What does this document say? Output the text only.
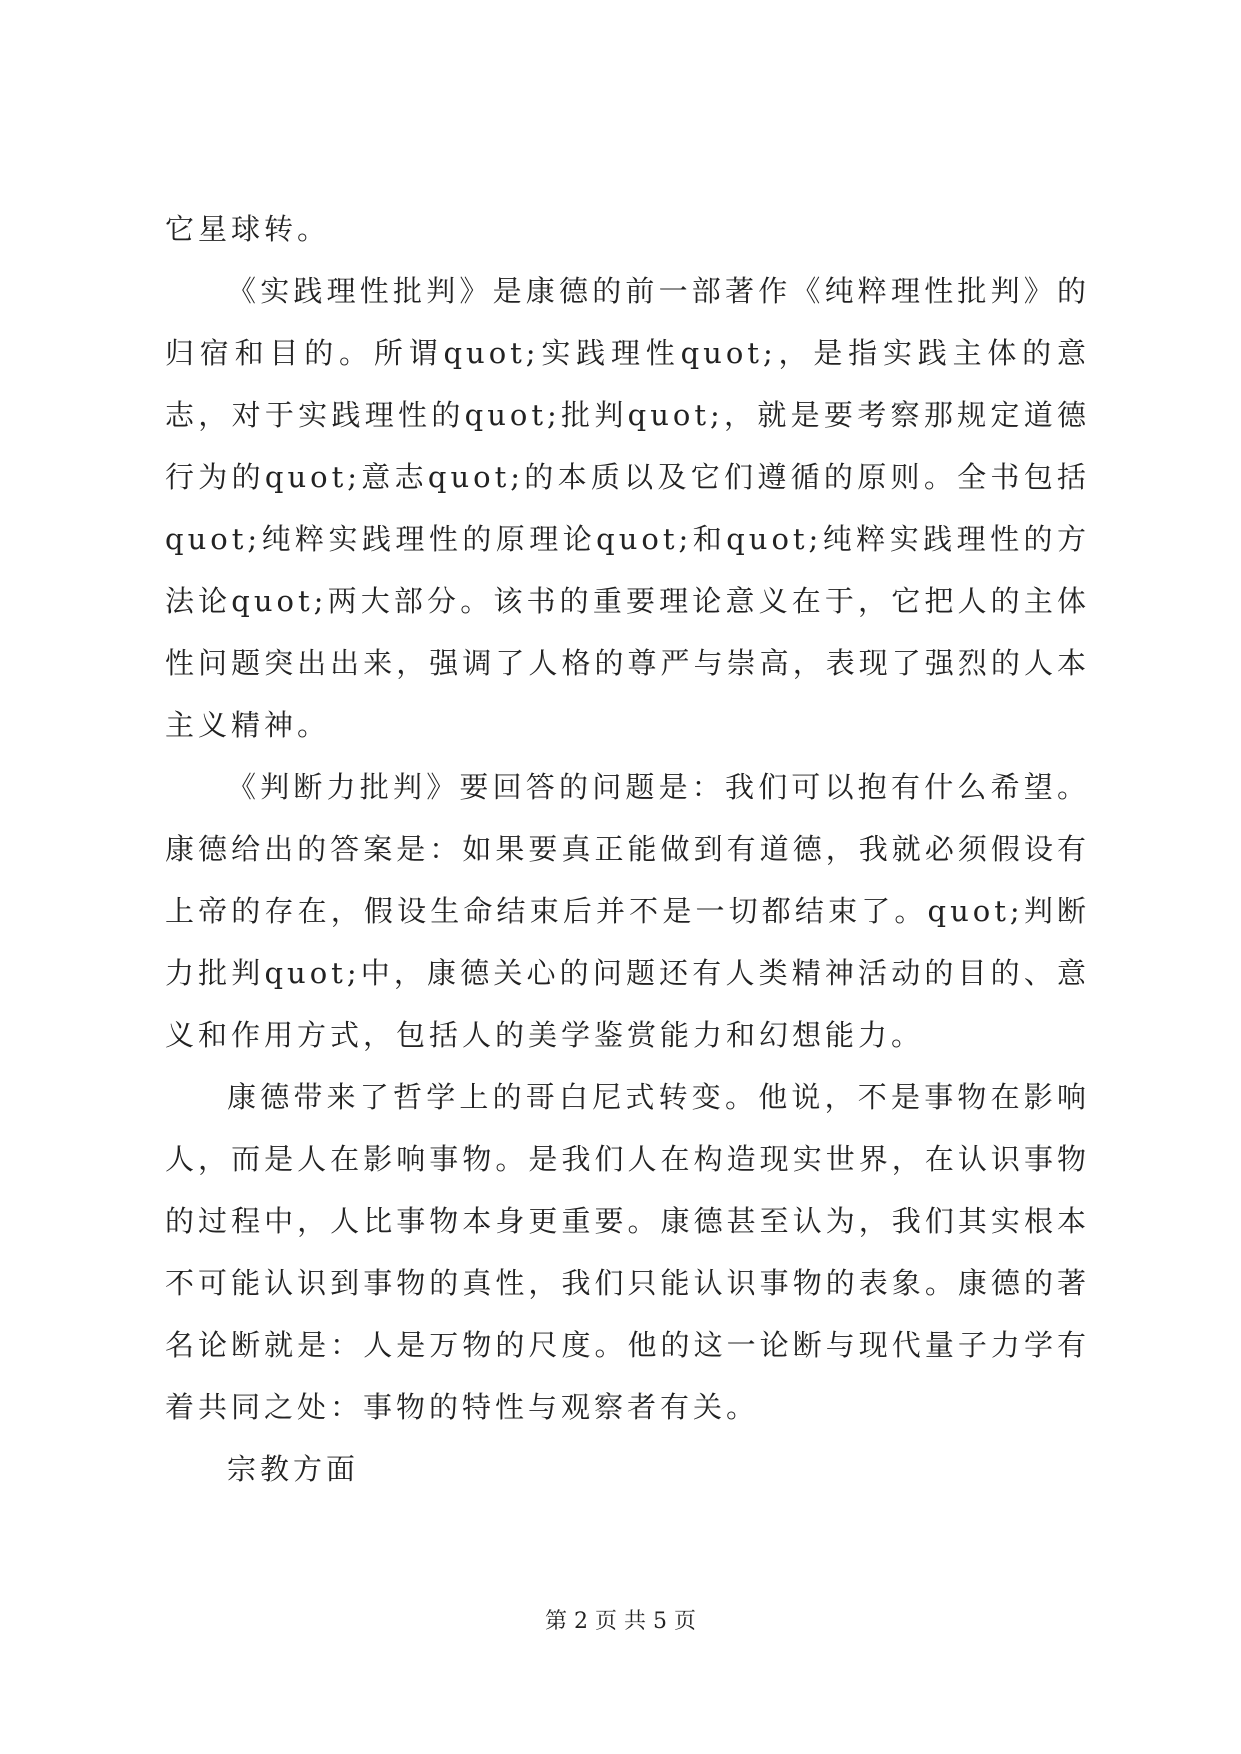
它星球转。

《实践理性批判》是康德的前一部著作《纯粹理性批判》的归宿和目的。所谓quot;实践理性quot;，是指实践主体的意志，对于实践理性的quot;批判quot;，就是要考察那规定道德行为的quot;意志quot;的本质以及它们遵循的原则。全书包括quot;纯粹实践理性的原理论quot;和quot;纯粹实践理性的方法论quot;两大部分。该书的重要理论意义在于，它把人的主体性问题突出出来，强调了人格的尊严与崇高，表现了强烈的人本主义精神。

《判断力批判》要回答的问题是：我们可以抱有什么希望。康德给出的答案是：如果要真正能做到有道德，我就必须假设有上帝的存在，假设生命结束后并不是一切都结束了。quot;判断力批判quot;中，康德关心的问题还有人类精神活动的目的、意义和作用方式，包括人的美学鉴赏能力和幻想能力。

康德带来了哲学上的哥白尼式转变。他说，不是事物在影响人，而是人在影响事物。是我们人在构造现实世界，在认识事物的过程中，人比事物本身更重要。康德甚至认为，我们其实根本不可能认识到事物的真性，我们只能认识事物的表象。康德的著名论断就是：人是万物的尺度。他的这一论断与现代量子力学有着共同之处：事物的特性与观察者有关。

宗教方面

第 2 页 共 5 页
